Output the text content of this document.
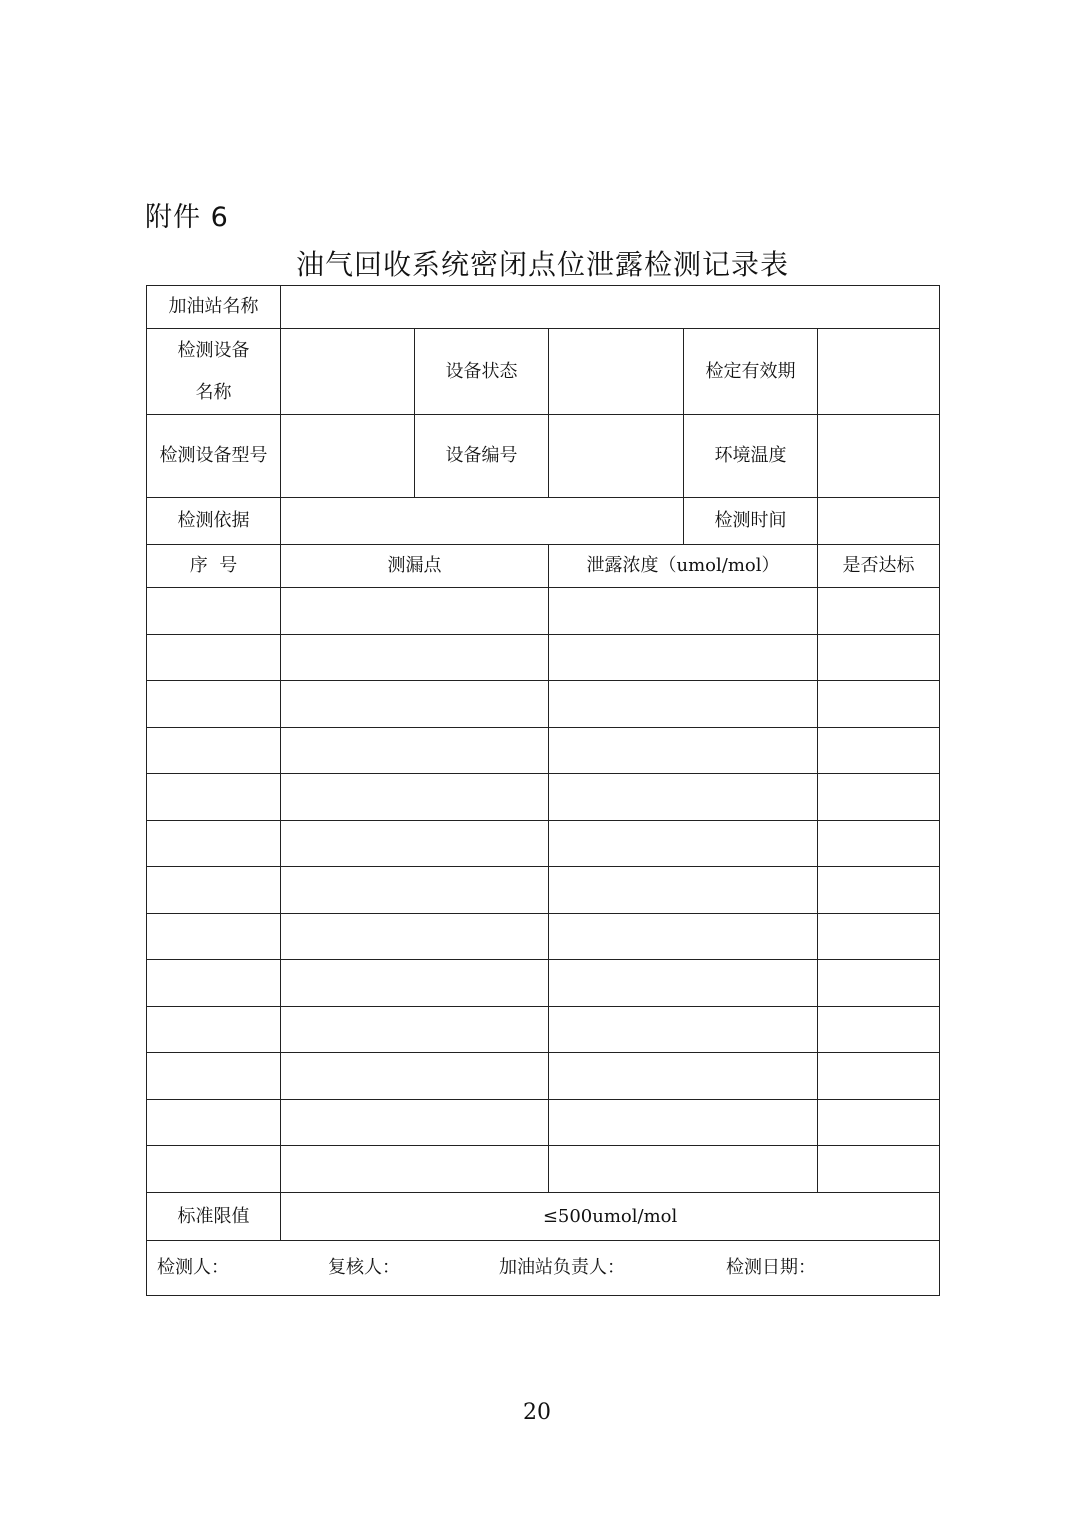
附件 6
油气回收系统密闭点位泄露检测记录表
加油站名称					
检测设备
名称		设备状态		检定有效期	
检测设备型号		设备编号		环境温度	
检测依据				检测时间	
序  号	测漏点		泄露浓度（umol/mol）		是否达标

标准限值	≤500umol/mol				

检测人： 复核人： 加油站负责人： 检测日期：					
20
